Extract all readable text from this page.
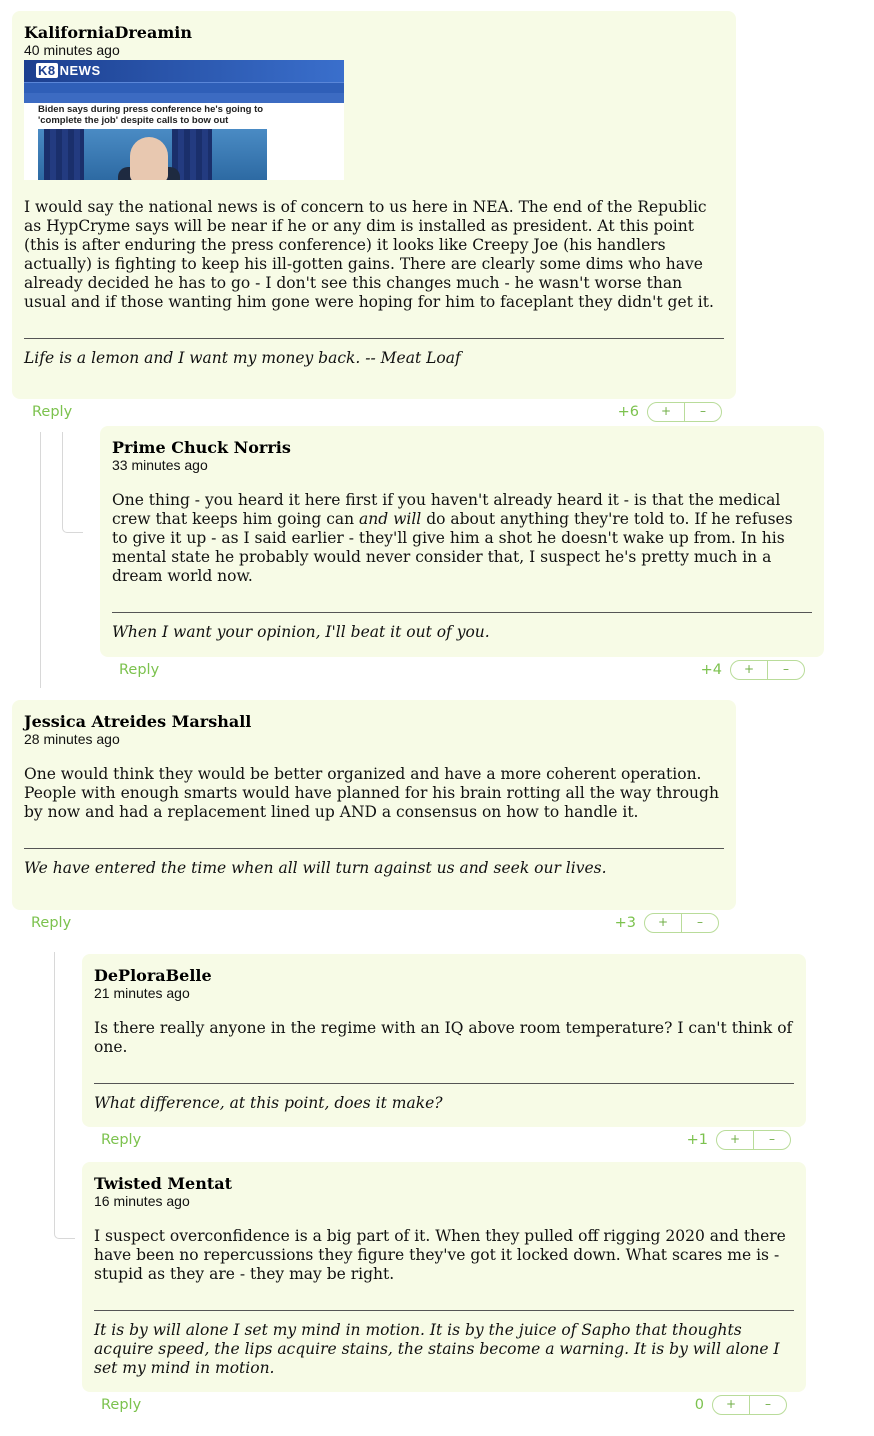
KaliforniaDreamin
40 minutes ago
K8 NEWS
Biden says during press conference he's going to 'complete the job' despite calls to bow out
I would say the national news is of concern to us here in NEA. The end of the Republic as HypCryme says will be near if he or any dim is installed as president. At this point (this is after enduring the press conference) it looks like Creepy Joe (his handlers actually) is fighting to keep his ill-gotten gains. There are clearly some dims who have already decided he has to go - I don't see this changes much - he wasn't worse than usual and if those wanting him gone were hoping for him to faceplant they didn't get it.
Life is a lemon and I want my money back. -- Meat Loaf
Reply	+6	+	–
Prime Chuck Norris
33 minutes ago
One thing - you heard it here first if you haven't already heard it - is that the medical crew that keeps him going can and will do about anything they're told to. If he refuses to give it up - as I said earlier - they'll give him a shot he doesn't wake up from. In his mental state he probably would never consider that, I suspect he's pretty much in a dream world now.
When I want your opinion, I'll beat it out of you.
Reply	+4	+	–
Jessica Atreides Marshall
28 minutes ago
One would think they would be better organized and have a more coherent operation. People with enough smarts would have planned for his brain rotting all the way through by now and had a replacement lined up AND a consensus on how to handle it.
We have entered the time when all will turn against us and seek our lives.
Reply	+3	+	–
DePloraBelle
21 minutes ago
Is there really anyone in the regime with an IQ above room temperature? I can't think of one.
What difference, at this point, does it make?
Reply	+1	+	–
Twisted Mentat
16 minutes ago
I suspect overconfidence is a big part of it. When they pulled off rigging 2020 and there have been no repercussions they figure they've got it locked down. What scares me is - stupid as they are - they may be right.
It is by will alone I set my mind in motion. It is by the juice of Sapho that thoughts acquire speed, the lips acquire stains, the stains become a warning. It is by will alone I set my mind in motion.
Reply	0	+	–
